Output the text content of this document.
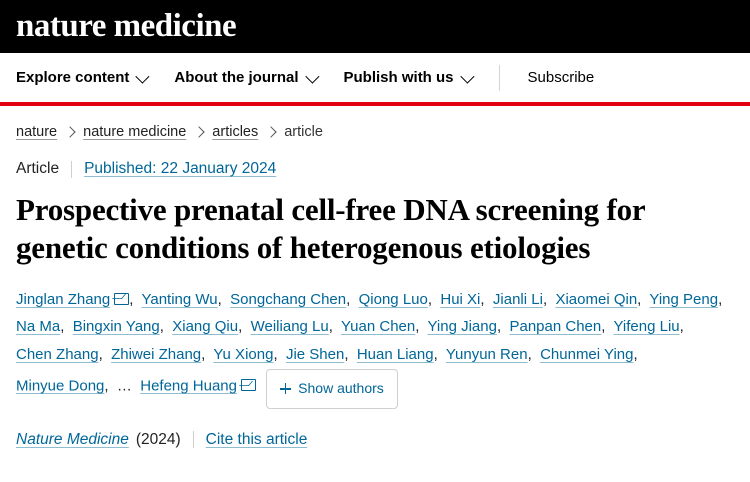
nature medicine
Explore content	About the journal	Publish with us	Subscribe
nature nature medicine articles article
Article Published: 22 January 2024
Prospective prenatal cell-free DNA screening for genetic conditions of heterogenous etiologies
Jinglan Zhang ,  Yanting Wu,  Songchang Chen,  Qiong Luo,  Hui Xi,  Jianli Li,  Xiaomei Qin,  Ying Peng,  Na Ma,  Bingxin Yang,  Xiang Qiu,  Weiliang Lu,  Yuan Chen,  Ying Jiang,  Panpan Chen,  Yifeng Liu,  Chen Zhang,  Zhiwei Zhang,  Yu Xiong,  Jie Shen,  Huan Liang,  Yunyun Ren,  Chunmei Ying,  Minyue Dong,  … Hefeng Huang	Show authors
Nature Medicine (2024) Cite this article
